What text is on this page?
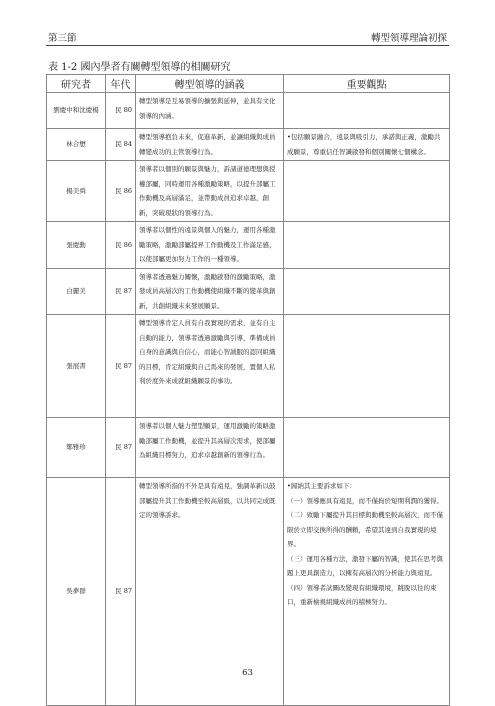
第三節	轉型領導理論初探
表 1-2 國內學者有關轉型領導的相關研究
研究者	年代	轉型領導的涵義	重要觀點
劉慶中和沈慶楊	民 80	轉型領導是互易領導的擴張與延伸，並具有文化領導的內涵。	

林合懋	民 84	轉型領導抱負未來，促進革新，並讓組織與成員轉變成功的主管領導行為。	•包括願景融合，遠景與吸引力，承諾與正義，激勵共成願景，尊重信任智識啟發和個別關懷七個構念。

楊美舜	民 86	領導者以個別的願景與魅力，訴諸道德理想與授權部屬，同時運用各種激勵策略，以提升部屬工作動機及高層滿足，並帶動成員追求卓越，創新，突破現狀的領導行為。	

張慶勳	民 86	領導者以個性的遠景與個人的魅力，運用各種激勵策略，激勵部屬提昇工作動機及工作滿足感，以使部屬更加努力工作的一種領導。	

白麗美	民 87	領導者透過魅力關懷，激勵啟發的激勵策略，激發成員高層次的工作動機使組織不斷的變革與創新，共創組織未來發展願景。	

張展書	民 87	轉型領導肯定人員有自我實現的需求，並有自主自動的能力，領導者透過激勵與引導，準備成員自身的意識與自信心，而能心智誠服的認同組織的目標，肯定組織與自己馬來的發展，置個人私利於度外來成就組織願景的事功。	

鄭雅珍	民 87	領導者以個人魅力塑型願景，運用激勵的策略激勵部屬工作動機，並提升其高層次需求，使部屬為組織目標努力，追求卓越創新的領導行為。	

吳夢群	民 87	轉型領導所指的不外是具有遠見，強調革新以鼓部屬提升其工作動機至較高層級，以共同完成既定的領導訴求。	•歸納其主要訴求如下：
（一）領導應具有遠見，而不僅拘於短期利潤的獲得。
（二）致勵下屬提升其目標與動機至較高層次，而不僅限於立即交換所得的酬賴，希望其達到自我實現的境界。
（三）運用各種方法，激發下屬的智識，使其在思考與題上更具創造力，以擁有高層次的分析能力與遠見。
（四）領導者試圖改變現有組織環境，跳脫以往的束口，重新檢視組織成員的積極努力。
63
